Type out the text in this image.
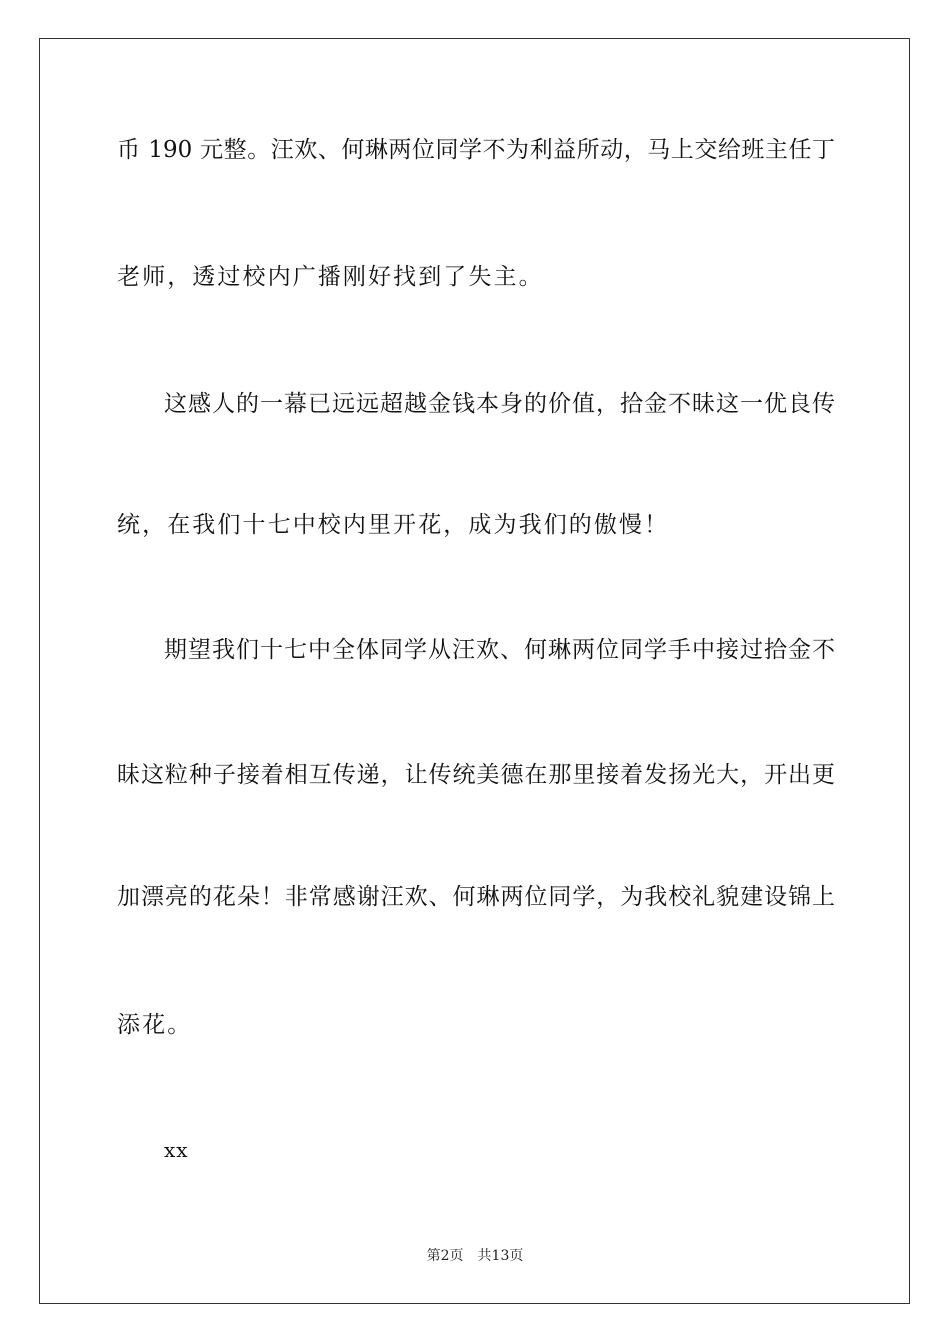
币 190 元整。汪欢、何琳两位同学不为利益所动，马上交给班主任丁
老师，透过校内广播刚好找到了失主。
这感人的一幕已远远超越金钱本身的价值，拾金不昧这一优良传
统，在我们十七中校内里开花，成为我们的傲慢！
期望我们十七中全体同学从汪欢、何琳两位同学手中接过拾金不
昧这粒种子接着相互传递，让传统美德在那里接着发扬光大，开出更
加漂亮的花朵！非常感谢汪欢、何琳两位同学，为我校礼貌建设锦上
添花。
xx
第2页 共13页
